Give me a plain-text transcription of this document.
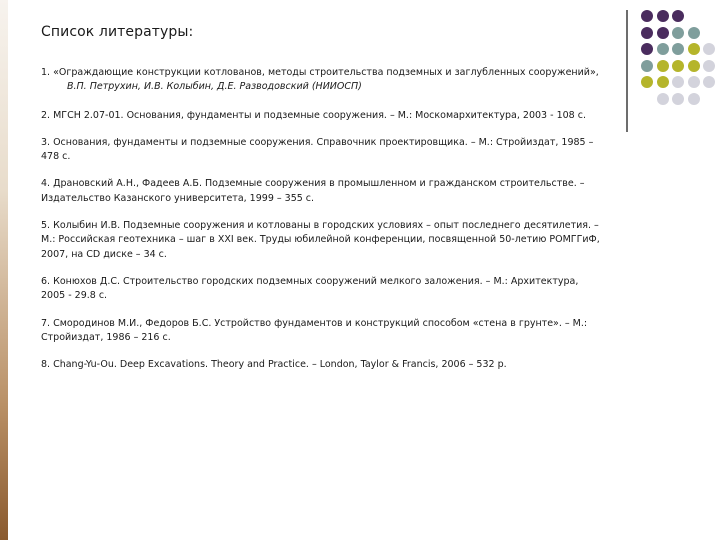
Список литературы:
1. «Ограждающие конструкции котлованов, методы строительства подземных и заглубленных сооружений»,
В.П. Петрухин, И.В. Колыбин, Д.Е. Разводовский (НИИОСП)
2. МГСН 2.07-01. Основания, фундаменты и подземные сооружения. – М.: Москомархитектура, 2003 - 108 с.
3. Основания, фундаменты и подземные сооружения. Справочник проектировщика. – М.: Стройиздат, 1985 – 478 с.
4. Драновский А.Н., Фадеев А.Б. Подземные сооружения в промышленном и гражданском строительстве. – Издательство Казанского университета, 1999 – 355 с.
5. Колыбин И.В. Подземные сооружения и котлованы в городских условиях – опыт последнего десятилетия. – М.: Российская геотехника – шаг в XXI век. Труды юбилейной конференции, посвященной 50-летию РОМГГиФ, 2007, на CD диске – 34 с.
6. Конюхов Д.С. Строительство городских подземных сооружений мелкого заложения. – М.: Архитектура, 2005 - 29.8 с.
7. Смородинов М.И., Федоров Б.С. Устройство фундаментов и конструкций способом «стена в грунте». – М.: Стройиздат, 1986 – 216 с.
8. Chang-Yu-Ou. Deep Excavations. Theory and Practice. – London, Taylor & Francis, 2006 – 532 p.
